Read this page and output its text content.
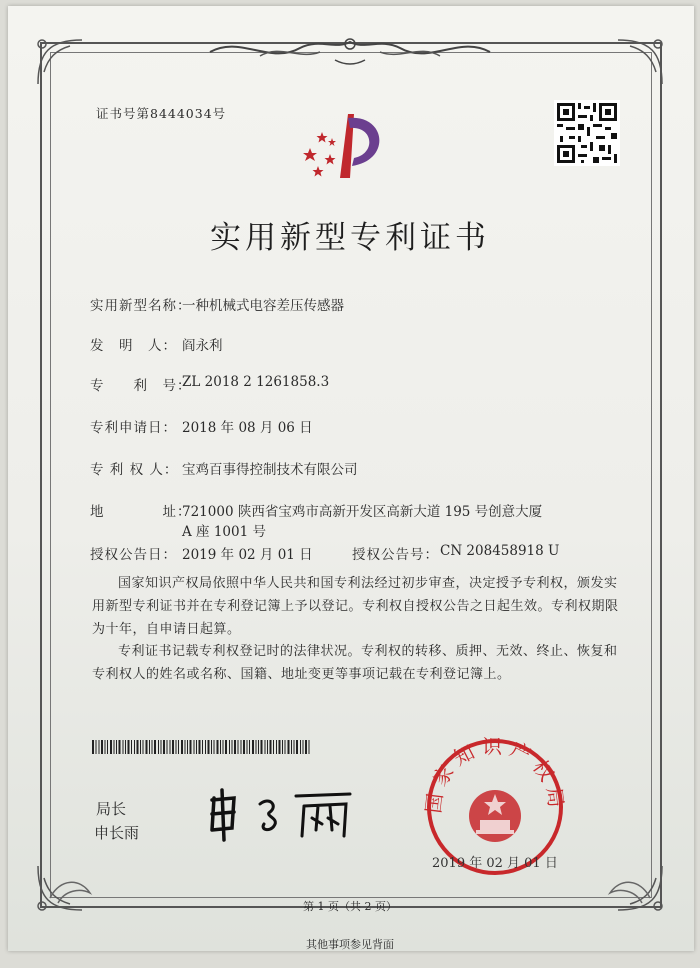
证书号第8444034号
实用新型专利证书
实用新型名称：
一种机械式电容差压传感器
发　明　人： 阎永利
专　　利　号：
ZL 2018 2 1261858.3
专利申请日： 2018 年 08 月 06 日
专 利 权 人： 宝鸡百事得控制技术有限公司
地　　　　址：
721000 陕西省宝鸡市高新开发区高新大道 195 号创意大厦
A 座 1001 号
授权公告日： 2019 年 02 月 01 日	授权公告号： CN 208458918 U
国家知识产权局依照中华人民共和国专利法经过初步审查，决定授予专利权，颁发实用新型专利证书并在专利登记簿上予以登记。专利权自授权公告之日起生效。专利权期限为十年，自申请日起算。
专利证书记载专利权登记时的法律状况。专利权的转移、质押、无效、终止、恢复和专利权人的姓名或名称、国籍、地址变更等事项记载在专利登记簿上。
局长
申长雨
国家知识产权局
2019 年 02 月 01 日
第 1 页（共 2 页）
其他事项参见背面
